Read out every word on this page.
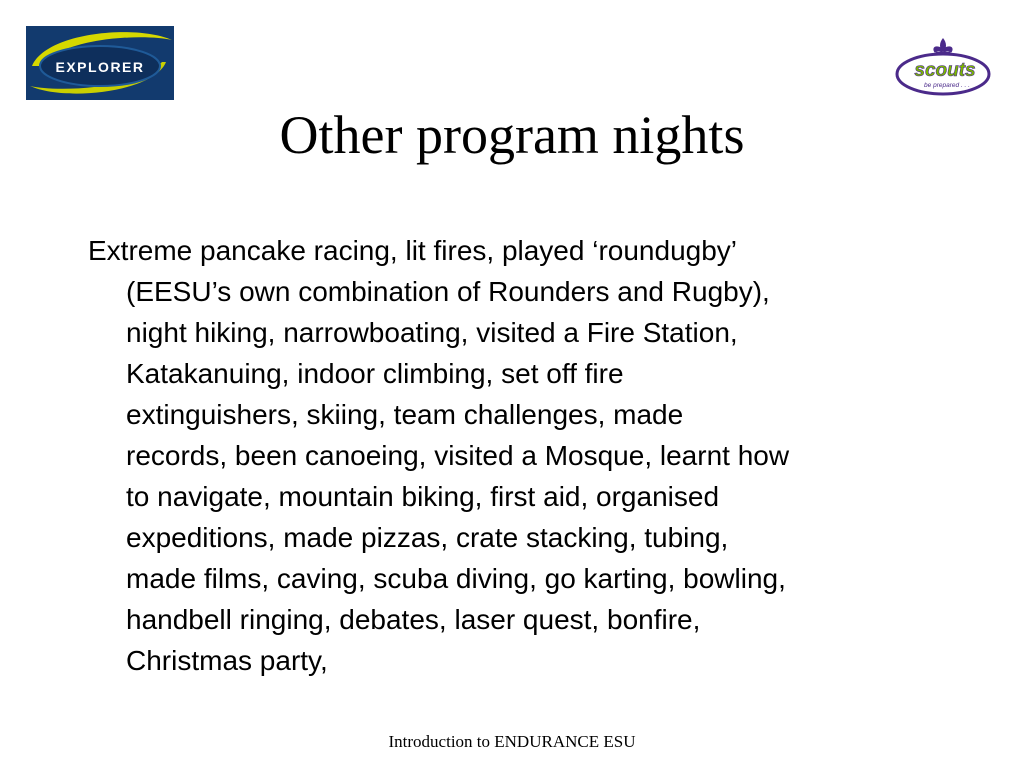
EXPLORER	scouts
be prepared . . .
Other program nights

Extreme pancake racing, lit fires, played ‘roundugby’
(EESU’s own combination of Rounders and Rugby),
night hiking, narrowboating, visited a Fire Station,
Katakanuing, indoor climbing, set off fire
extinguishers, skiing, team challenges, made
records, been canoeing, visited a Mosque, learnt how
to navigate, mountain biking, first aid, organised
expeditions, made pizzas, crate stacking, tubing,
made films, caving, scuba diving, go karting, bowling,
handbell ringing, debates, laser quest, bonfire,
Christmas party,

Introduction to ENDURANCE ESU
